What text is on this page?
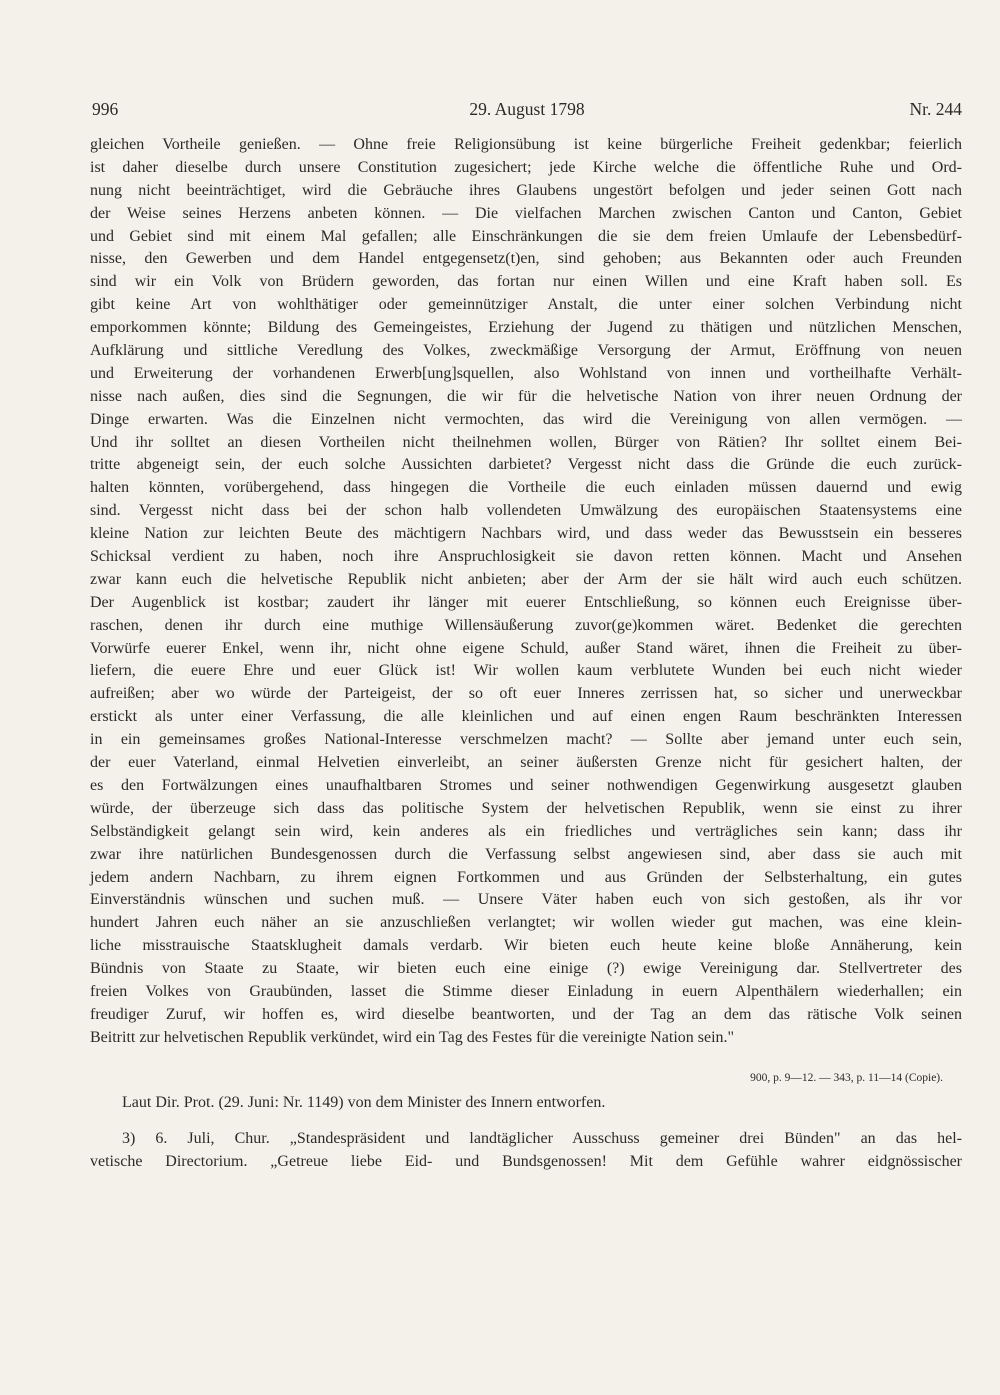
996	29. August 1798	Nr. 244
gleichen Vortheile genießen. — Ohne freie Religionsübung ist keine bürgerliche Freiheit gedenkbar; feierlich
ist daher dieselbe durch unsere Constitution zugesichert; jede Kirche welche die öffentliche Ruhe und Ord-
nung nicht beeinträchtiget, wird die Gebräuche ihres Glaubens ungestört befolgen und jeder seinen Gott nach
der Weise seines Herzens anbeten können. — Die vielfachen Marchen zwischen Canton und Canton, Gebiet
und Gebiet sind mit einem Mal gefallen; alle Einschränkungen die sie dem freien Umlaufe der Lebensbedürf-
nisse, den Gewerben und dem Handel entgegensetz(t)en, sind gehoben; aus Bekannten oder auch Freunden
sind wir ein Volk von Brüdern geworden, das fortan nur einen Willen und eine Kraft haben soll. Es
gibt keine Art von wohlthätiger oder gemeinnütziger Anstalt, die unter einer solchen Verbindung nicht
emporkommen könnte; Bildung des Gemeingeistes, Erziehung der Jugend zu thätigen und nützlichen Menschen,
Aufklärung und sittliche Veredlung des Volkes, zweckmäßige Versorgung der Armut, Eröffnung von neuen
und Erweiterung der vorhandenen Erwerb[ung]squellen, also Wohlstand von innen und vortheilhafte Verhält-
nisse nach außen, dies sind die Segnungen, die wir für die helvetische Nation von ihrer neuen Ordnung der
Dinge erwarten. Was die Einzelnen nicht vermochten, das wird die Vereinigung von allen vermögen. —
Und ihr solltet an diesen Vortheilen nicht theilnehmen wollen, Bürger von Rätien? Ihr solltet einem Bei-
tritte abgeneigt sein, der euch solche Aussichten darbietet? Vergesst nicht dass die Gründe die euch zurück-
halten könnten, vorübergehend, dass hingegen die Vortheile die euch einladen müssen dauernd und ewig
sind. Vergesst nicht dass bei der schon halb vollendeten Umwälzung des europäischen Staatensystems eine
kleine Nation zur leichten Beute des mächtigern Nachbars wird, und dass weder das Bewusstsein ein besseres
Schicksal verdient zu haben, noch ihre Anspruchlosigkeit sie davon retten können. Macht und Ansehen
zwar kann euch die helvetische Republik nicht anbieten; aber der Arm der sie hält wird auch euch schützen.
Der Augenblick ist kostbar; zaudert ihr länger mit euerer Entschließung, so können euch Ereignisse über-
raschen, denen ihr durch eine muthige Willensäußerung zuvor(ge)kommen wäret. Bedenket die gerechten
Vorwürfe euerer Enkel, wenn ihr, nicht ohne eigene Schuld, außer Stand wäret, ihnen die Freiheit zu über-
liefern, die euere Ehre und euer Glück ist! Wir wollen kaum verblutete Wunden bei euch nicht wieder
aufreißen; aber wo würde der Parteigeist, der so oft euer Inneres zerrissen hat, so sicher und unerweckbar
erstickt als unter einer Verfassung, die alle kleinlichen und auf einen engen Raum beschränkten Interessen
in ein gemeinsames großes National-Interesse verschmelzen macht? — Sollte aber jemand unter euch sein,
der euer Vaterland, einmal Helvetien einverleibt, an seiner äußersten Grenze nicht für gesichert halten, der
es den Fortwälzungen eines unaufhaltbaren Stromes und seiner nothwendigen Gegenwirkung ausgesetzt glauben
würde, der überzeuge sich dass das politische System der helvetischen Republik, wenn sie einst zu ihrer
Selbständigkeit gelangt sein wird, kein anderes als ein friedliches und verträgliches sein kann; dass ihr
zwar ihre natürlichen Bundesgenossen durch die Verfassung selbst angewiesen sind, aber dass sie auch mit
jedem andern Nachbarn, zu ihrem eignen Fortkommen und aus Gründen der Selbsterhaltung, ein gutes
Einverständnis wünschen und suchen muß. — Unsere Väter haben euch von sich gestoßen, als ihr vor
hundert Jahren euch näher an sie anzuschließen verlangtet; wir wollen wieder gut machen, was eine klein-
liche misstrauische Staatsklugheit damals verdarb. Wir bieten euch heute keine bloße Annäherung, kein
Bündnis von Staate zu Staate, wir bieten euch eine einige (?) ewige Vereinigung dar. Stellvertreter des
freien Volkes von Graubünden, lasset die Stimme dieser Einladung in euern Alpenthälern wiederhallen; ein
freudiger Zuruf, wir hoffen es, wird dieselbe beantworten, und der Tag an dem das rätische Volk seinen
Beitritt zur helvetischen Republik verkündet, wird ein Tag des Festes für die vereinigte Nation sein."
900, p. 9—12. — 343, p. 11—14 (Copie).
Laut Dir. Prot. (29. Juni: Nr. 1149) von dem Minister des Innern entworfen.
3) 6. Juli, Chur. „Standespräsident und landtäglicher Ausschuss gemeiner drei Bünden" an das hel-
vetische Directorium. „Getreue liebe Eid- und Bundsgenossen! Mit dem Gefühle wahrer eidgnössischer
